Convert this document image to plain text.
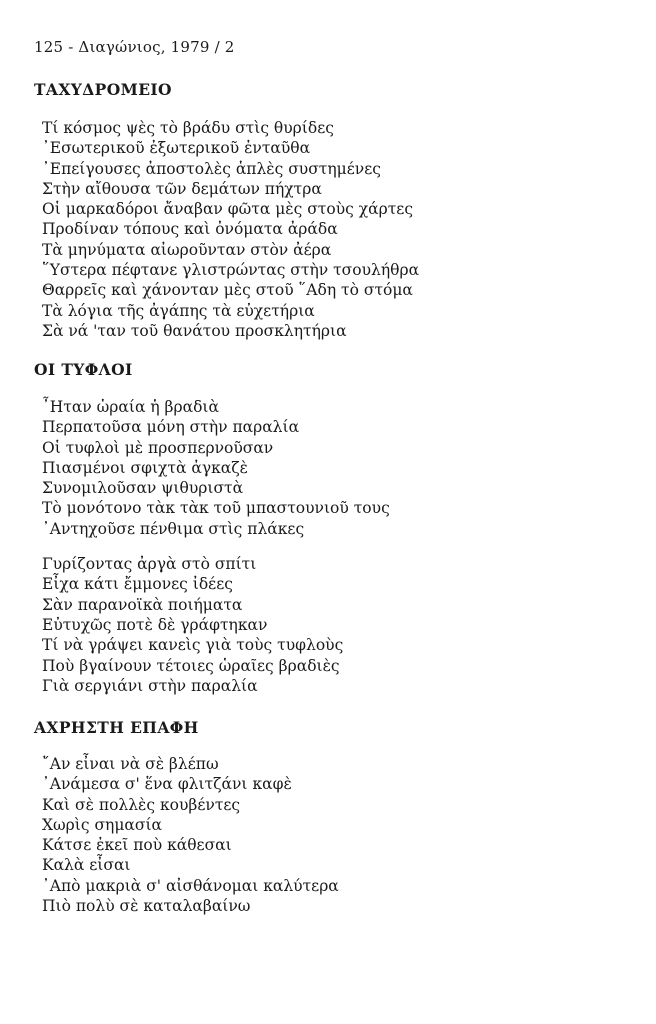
125 - Διαγώνιος, 1979 / 2
ΤΑΧΥΔΡΟΜΕΙΟ
Τί κόσμος ψὲς τὸ βράδυ στὶς θυρίδες
᾿Εσωτερικοῦ ἐξωτερικοῦ ἐνταῦθα
᾿Επείγουσες ἀποστολὲς ἁπλὲς συστημένες
Στὴν αἴθουσα τῶν δεμάτων πήχτρα
Οἱ μαρκαδόροι ἄναβαν φῶτα μὲς στοὺς χάρτες
Προδίναν τόπους καὶ ὀνόματα ἀράδα
Τὰ μηνύματα αἰωροῦνταν στὸν ἀέρα
῞Υστερα πέφτανε γλιστρώντας στὴν τσουλήθρα
Θαρρεῖς καὶ χάνονταν μὲς στοῦ ῞Αδη τὸ στόμα
Τὰ λόγια τῆς ἀγάπης τὰ εὐχετήρια
Σὰ νά 'ταν τοῦ θανάτου προσκλητήρια
ΟΙ ΤΥΦΛΟΙ
῏Ηταν ὡραία ἡ βραδιὰ
Περπατοῦσα μόνη στὴν παραλία
Οἱ τυφλοὶ μὲ προσπερνοῦσαν
Πιασμένοι σφιχτὰ ἀγκαζὲ
Συνομιλοῦσαν ψιθυριστὰ
Τὸ μονότονο τὰκ τὰκ τοῦ μπαστουνιοῦ τους
᾿Αντηχοῦσε πένθιμα στὶς πλάκες
Γυρίζοντας ἀργὰ στὸ σπίτι
Εἶχα κάτι ἔμμονες ἰδέες
Σὰν παρανοϊκὰ ποιήματα
Εὐτυχῶς ποτὲ δὲ γράφτηκαν
Τί νὰ γράψει κανεὶς γιὰ τοὺς τυφλοὺς
Ποὺ βγαίνουν τέτοιες ὡραῖες βραδιὲς
Γιὰ σεργιάνι στὴν παραλία
ΑΧΡΗΣΤΗ ΕΠΑΦΗ
῎Αν εἶναι νὰ σὲ βλέπω
᾿Ανάμεσα σ' ἕνα φλιτζάνι καφὲ
Καὶ σὲ πολλὲς κουβέντες
Χωρὶς σημασία
Κάτσε ἐκεῖ ποὺ κάθεσαι
Καλὰ εἶσαι
᾿Απὸ μακριὰ σ' αἰσθάνομαι καλύτερα
Πιὸ πολὺ σὲ καταλαβαίνω
